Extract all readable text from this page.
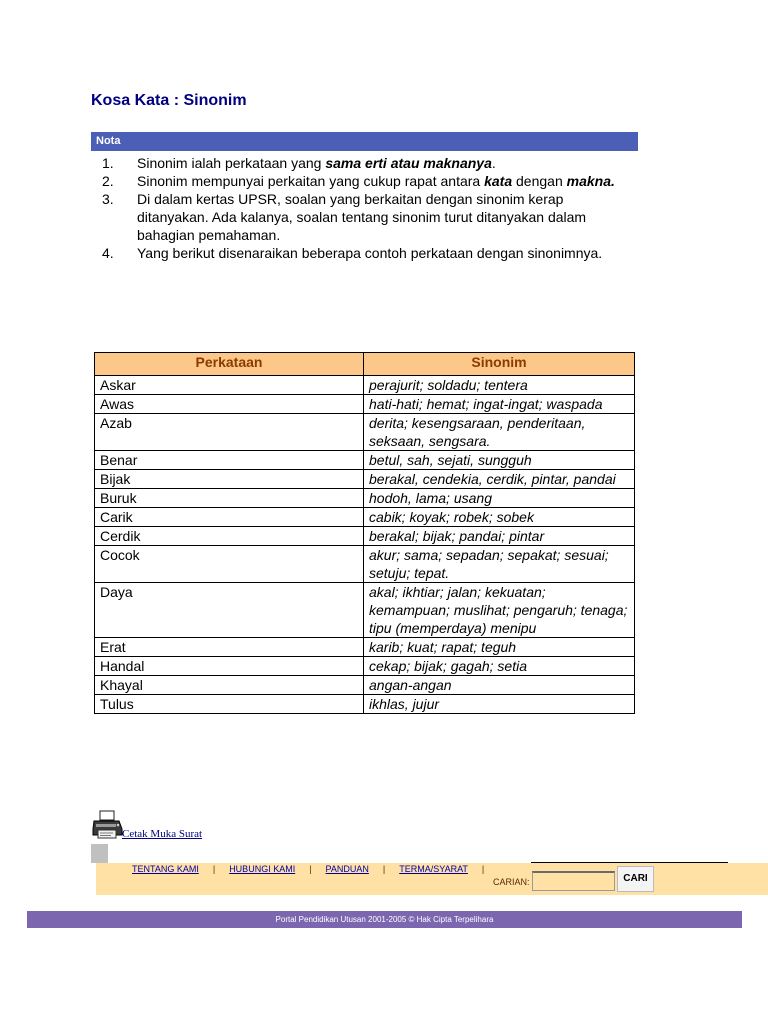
Kosa Kata : Sinonim
Nota
1.	Sinonim ialah perkataan yang sama erti atau maknanya.
2.	Sinonim mempunyai perkaitan yang cukup rapat antara kata dengan makna.
3.	Di dalam kertas UPSR, soalan yang berkaitan dengan sinonim kerap ditanyakan. Ada kalanya, soalan tentang sinonim turut ditanyakan dalam bahagian pemahaman.
4.	Yang berikut disenaraikan beberapa contoh perkataan dengan sinonimnya.
Perkataan	Sinonim
Askar	perajurit; soldadu; tentera
Awas	hati-hati; hemat; ingat-ingat; waspada
Azab	derita; kesengsaraan, penderitaan, seksaan, sengsara.
Benar	betul, sah, sejati, sungguh
Bijak	berakal, cendekia, cerdik, pintar, pandai
Buruk	hodoh, lama; usang
Carik	cabik; koyak; robek; sobek
Cerdik	berakal; bijak; pandai; pintar
Cocok	akur; sama; sepadan; sepakat; sesuai; setuju; tepat.
Daya	akal; ikhtiar; jalan; kekuatan; kemampuan; muslihat; pengaruh; tenaga; tipu (memperdaya) menipu
Erat	karib; kuat; rapat; teguh
Handal	cekap; bijak; gagah; setia
Khayal	angan-angan
Tulus	ikhlas, jujur
Cetak Muka Surat
TENTANG KAMI | HUBUNGI KAMI | PANDUAN | TERMA/SYARAT |
CARIAN:	CARI
Portal Pendidikan Utusan 2001-2005 © Hak Cipta Terpelihara
